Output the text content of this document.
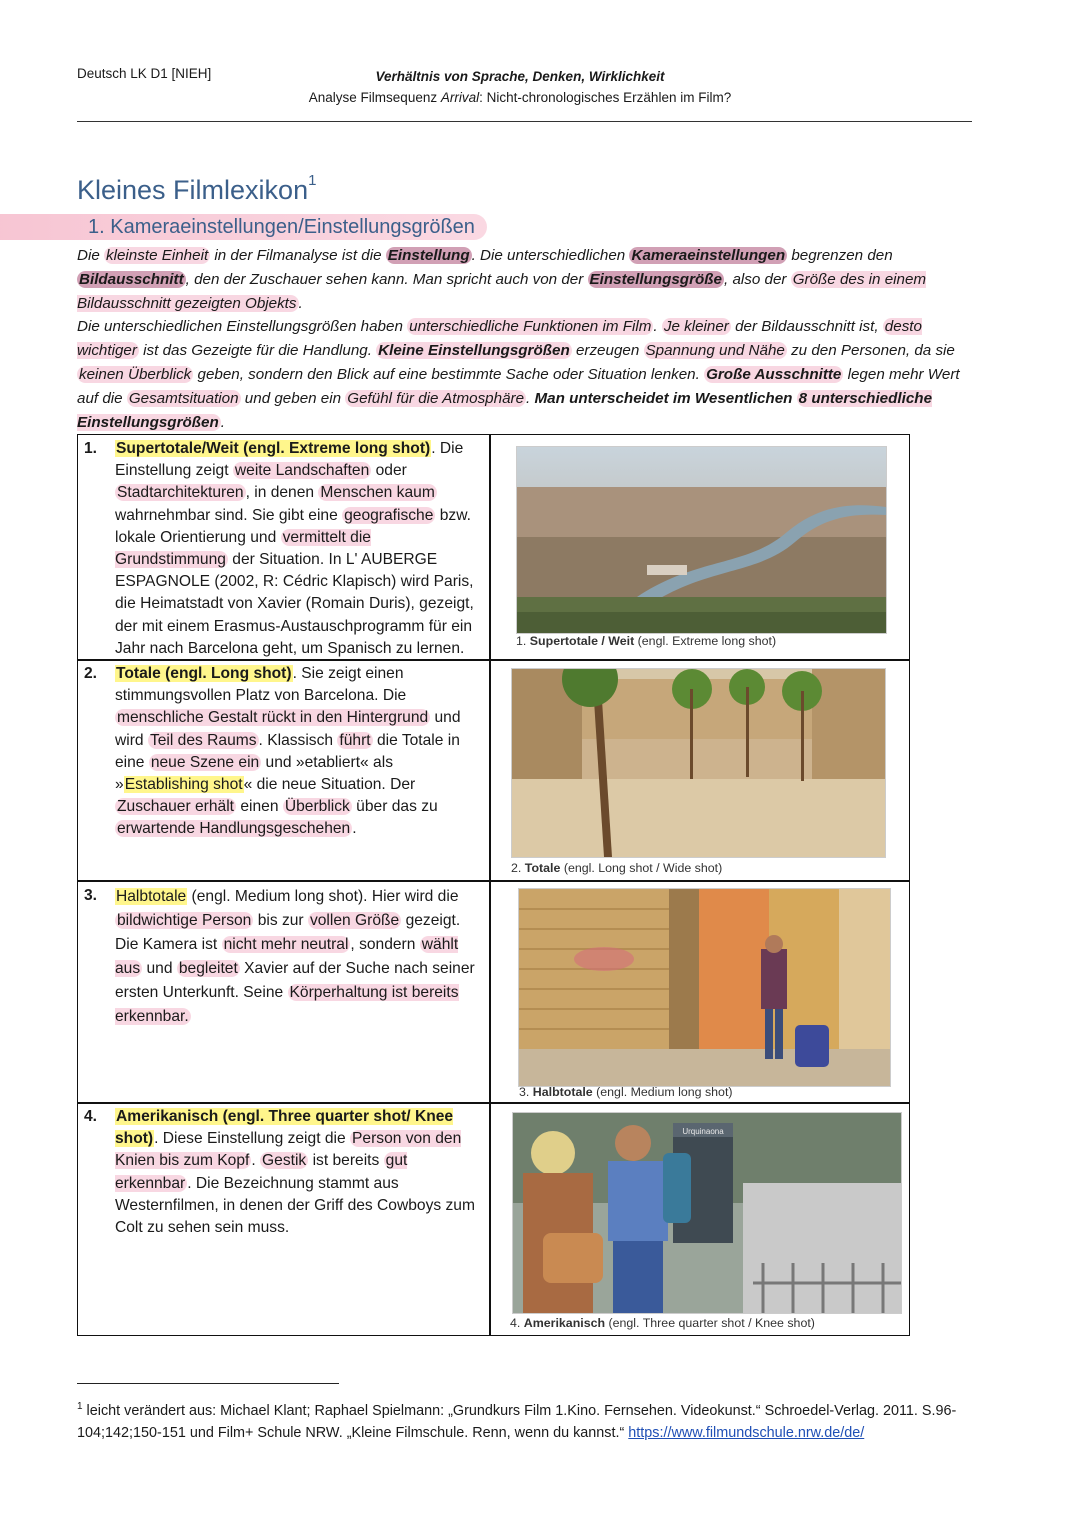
Deutsch LK D1 [NIEH]	Verhältnis von Sprache, Denken, Wirklichkeit
Analyse Filmsequenz Arrival: Nicht-chronologisches Erzählen im Film?
Kleines Filmlexikon$^1$
1. Kameraeinstellungen/Einstellungsgrößen

Die kleinste Einheit in der Filmanalyse ist die Einstellung . Die unterschiedlichen Kameraeinstellungen begrenzen den Bildausschnitt , den der Zuschauer sehen kann. Man spricht auch von der Einstellungsgröße , also der Größe des in einem Bildausschnitt gezeigten Objekts .

Die unterschiedlichen Einstellungsgrößen haben unterschiedliche Funktionen im Film . Je kleiner der Bildausschnitt ist, desto wichtiger ist das Gezeigte für die Handlung. Kleine Einstellungsgrößen erzeugen Spannung und Nähe zu den Personen, da sie keinen Überblick geben, sondern den Blick auf eine bestimmte Sache oder Situation lenken. Große Ausschnitte legen mehr Wert auf die Gesamtsituation und geben ein Gefühl für die Atmosphäre . Man unterscheidet im Wesentlichen 8 unterschiedliche Einstellungsgrößen .

1. Supertotale/Weit (engl. Extreme long shot). Die Einstellung zeigt weite Landschaften oder Stadtarchitekturen , in denen Menschen kaum wahrnehmbar sind. Sie gibt eine geografische bzw. lokale Orientierung und vermittelt die Grundstimmung der Situation. In L' AUBERGE ESPAGNOLE (2002, R: Cédric Klapisch) wird Paris, die Heimatstadt von Xavier (Romain Duris), gezeigt, der mit einem Erasmus-Austauschprogramm für ein Jahr nach Barcelona geht, um Spanisch zu lernen.
2. Totale (engl. Long shot). Sie zeigt einen stimmungsvollen Platz von Barcelona. Die menschliche Gestalt rückt in den Hintergrund und wird Teil des Raums . Klassisch führt die Totale in eine neue Szene ein und »etabliert« als »Establishing shot« die neue Situation. Der Zuschauer erhält einen Überblick über das zu erwartende Handlungsgeschehen .
3. Halbtotale (engl. Medium long shot). Hier wird die bildwichtige Person bis zur vollen Größe gezeigt. Die Kamera ist nicht mehr neutral , sondern wählt aus und begleitet Xavier auf der Suche nach seiner ersten Unterkunft. Seine Körperhaltung ist bereits erkennbar.
4. Amerikanisch (engl. Three quarter shot/ Knee shot). Diese Einstellung zeigt die Person von den Knien bis zum Kopf . Gestik ist bereits gut erkennbar . Die Bezeichnung stammt aus Westernfilmen, in denen der Griff des Cowboys zum Colt zu sehen sein muss.
1. Supertotale / Weit (engl. Extreme long shot)
2. Totale (engl. Long shot / Wide shot)
3. Halbtotale (engl. Medium long shot)
Urquinaona
4. Amerikanisch (engl. Three quarter shot / Knee shot)
$^1$ leicht verändert aus: Michael Klant; Raphael Spielmann: „Grundkurs Film 1.Kino. Fernsehen. Videokunst.“ Schroedel-Verlag. 2011. S.96-104;142;150-151 und Film+ Schule NRW. „Kleine Filmschule. Renn, wenn du kannst.“ https://www.filmundschule.nrw.de/de/
